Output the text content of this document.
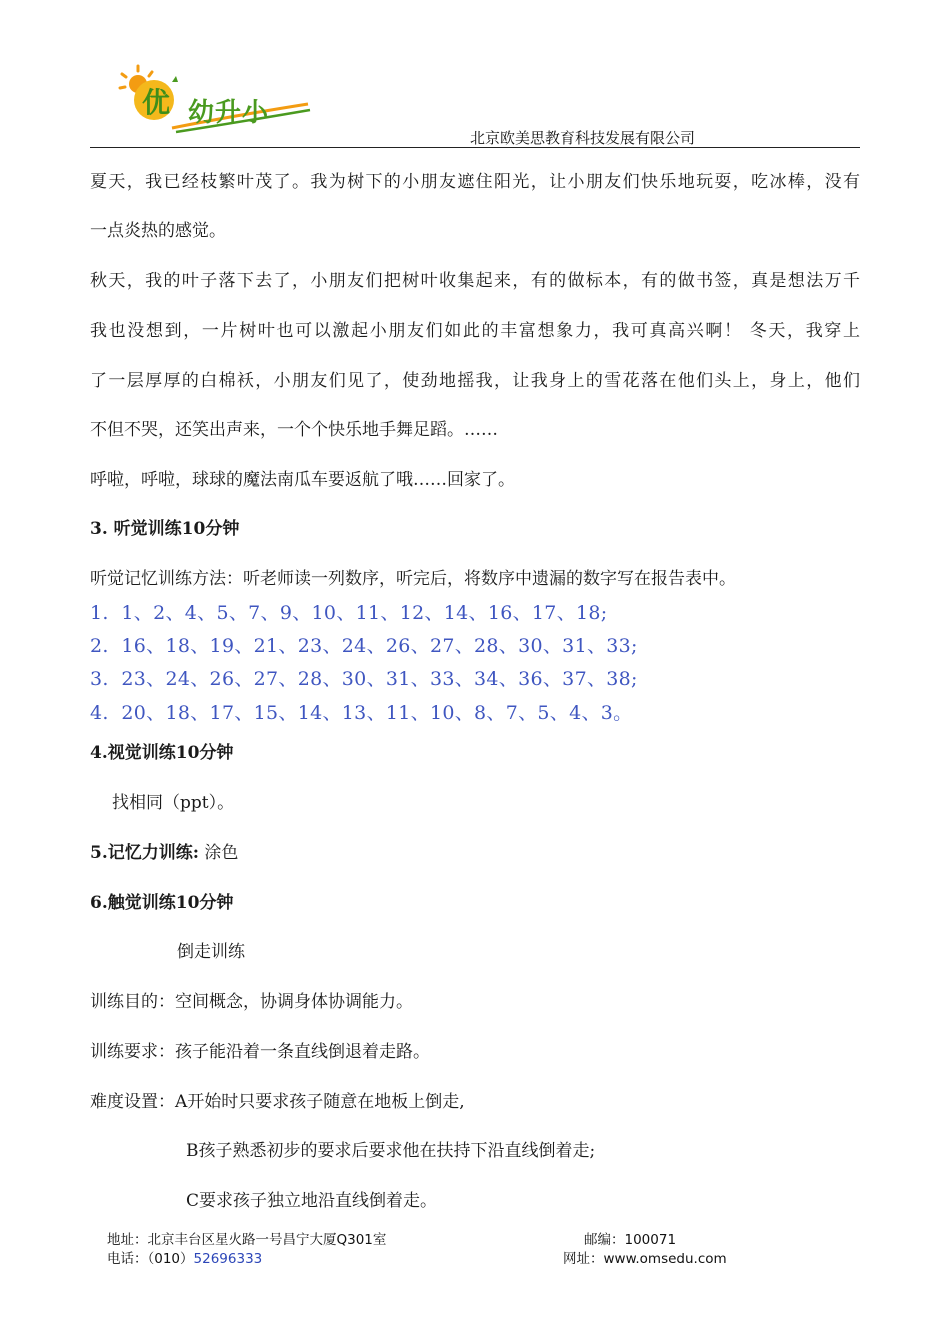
优 幼升小
北京欧美思教育科技发展有限公司
夏天，我已经枝繁叶茂了。我为树下的小朋友遮住阳光，让小朋友们快乐地玩耍，吃冰棒，没有
一点炎热的感觉。
秋天，我的叶子落下去了，小朋友们把树叶收集起来，有的做标本，有的做书签，真是想法万千
我也没想到，一片树叶也可以激起小朋友们如此的丰富想象力，我可真高兴啊！ 冬天，我穿上
了一层厚厚的白棉袄，小朋友们见了，使劲地摇我，让我身上的雪花落在他们头上，身上，他们
不但不哭，还笑出声来，一个个快乐地手舞足蹈。……
呼啦，呼啦，球球的魔法南瓜车要返航了哦……回家了。
3. 听觉训练10分钟
听觉记忆训练方法：听老师读一列数序，听完后，将数序中遗漏的数字写在报告表中。
1.  1、2、4、5、7、9、10、11、12、14、16、17、18;
2.  16、18、19、21、23、24、26、27、28、30、31、33;
3.  23、24、26、27、28、30、31、33、34、36、37、38;
4.  20、18、17、15、14、13、11、10、8、7、5、4、3。
4.视觉训练10分钟
找相同（ppt）。
5.记忆力训练: 涂色
6.触觉训练10分钟
倒走训练
训练目的：空间概念，协调身体协调能力。
训练要求：孩子能沿着一条直线倒退着走路。
难度设置：A开始时只要求孩子随意在地板上倒走,
B孩子熟悉初步的要求后要求他在扶持下沿直线倒着走;
C要求孩子独立地沿直线倒着走。
地址：北京丰台区星火路一号昌宁大厦Q301室	邮编：100071
电话：（010）52696333	网址：www.omsedu.com
